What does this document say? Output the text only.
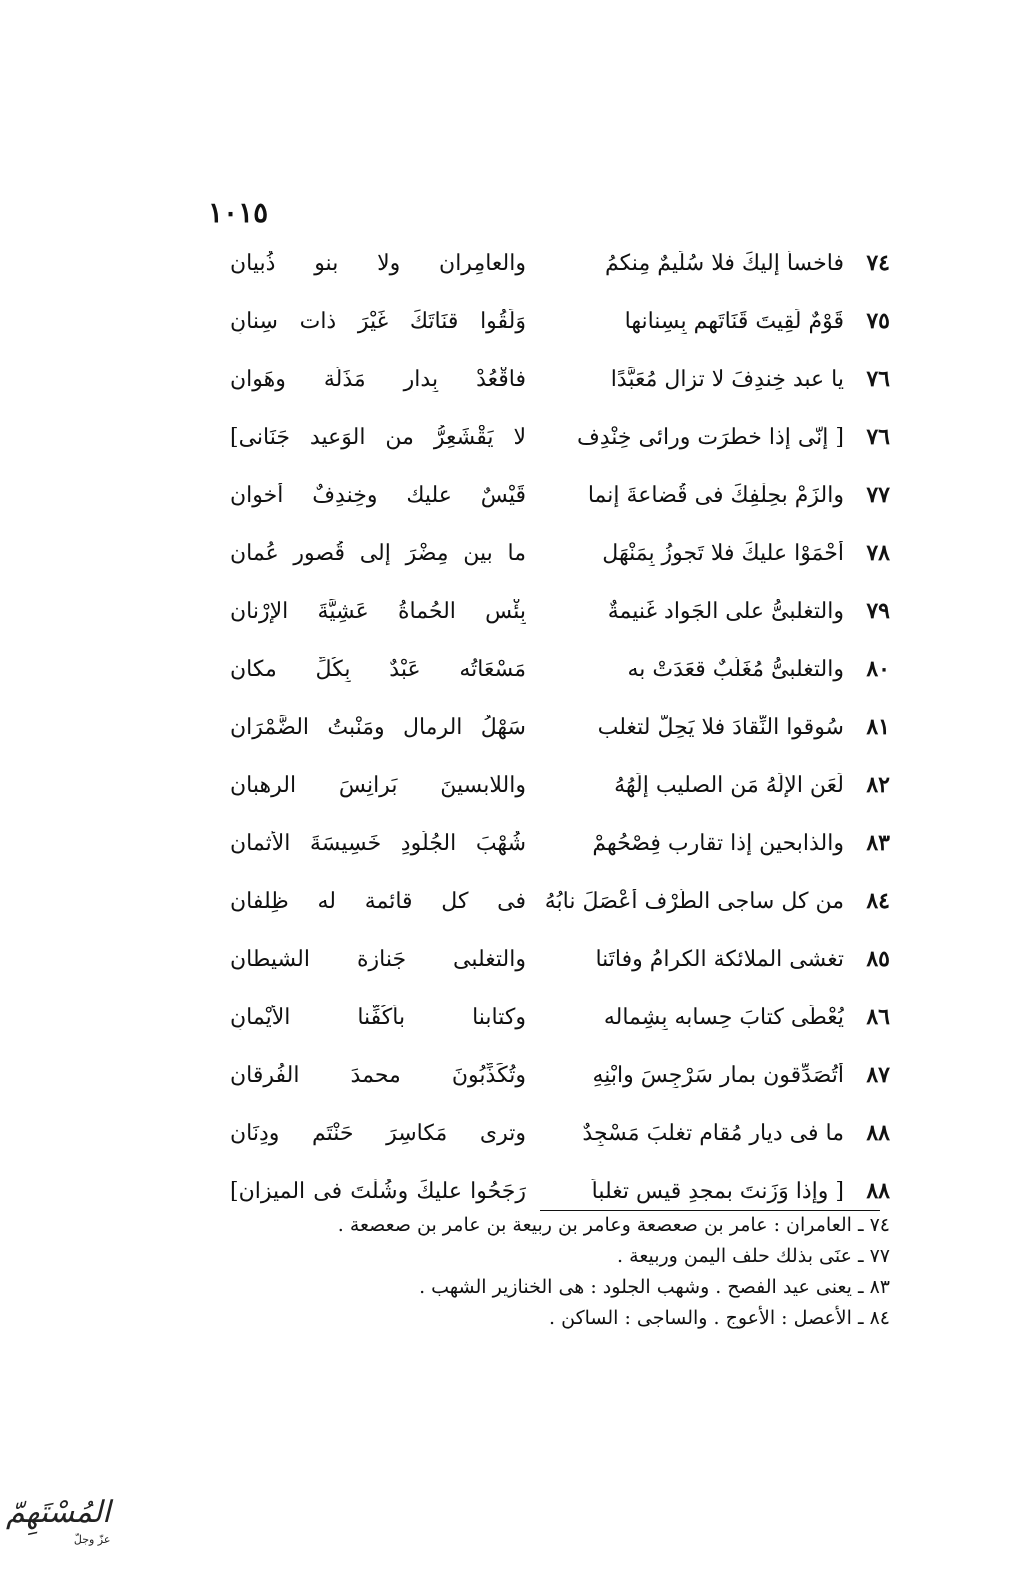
١٠١٥
٧٤
فاخسأ إليكَ فلا سُلَيمٌ مِنكمُ
والعامِران ولا بنو ذُبيان
٧٥
قَوْمٌ لَقِيتَ قَنَاتَهم بِسِنانها
وَلَقُوا قنَاتَكَ غَيْرَ ذات سِنانِ
٧٦
يا عبد خِندِفَ لا تزال مُعَبَّدًا
فاقْعُدْ بِدارِ مَذَلَّة وهَوان
٧٦
[ إنّى إذا خطرَت ورائى خِنْدِف
لا يَقْشَعِرُّ من الوَعيد جَنَانى]
٧٧
والزَمْ بحِلْفِكَ فى قُضاعةَ إنما
قَيْسٌ عليك وخِندِفٌ أخوان
٧٨
أَحْمَوْا عليكَ فلا تَجوزُ بِمَنْهَل
ما بين مِضْرَ إلى قُصور عُمان
٧٩
والتغلبىُّ على الجَواد غَنيمةٌ
بِئْس الحُماةُ عَشِيَّةَ الإرْنان
٨٠
والتغلبىُّ مُغَلَّبٌ قعَدَتْ به
مَسْعَاتُه عَبْدٌ بِكُلِّ مكان
٨١
سُوقوا النِّقادَ فلا يَحِلُّ لتغلب
سَهْلُ الرمال ومَنْبتُ الضَّمْرَان
٨٢
لَعَن الإلَهُ مَن الصليب إلَهُهُ
واللابسينَ بَرانِسَ الرهبان
٨٣
والذابحين إذا تقارب فِصْحُهمْ
شُهْبَ الجُلُودِ خَسِيسَةَ الأثمان
٨٤
من كل ساجى الطَّرْف أعْصَلَ نابُهُ
فى كل قائمة له ظِلفان
٨٥
تغشى الملائكة الكرامُ وفاتَنا
والتغلبى جَنازة الشيطان
٨٦
يُعْطَى كتابَ حِسابه بِشِماله
وكتابنا بأكُفِّنا الأيْمانِ
٨٧
أتُصَدِّقون بمارِ سَرْجِسَ وابْنِهِ
وتُكَذِّبُونَ محمدَ الفُرقان
٨٨
ما فى ديارِ مُقام تغلبَ مَسْجِدٌ
وترى مَكاسِرَ حَنْتَمٍ ودِنَان
٨٨
[ وإذا وَزَنتَ بمجدِ قيسٍ تغلباً
رَجَحُوا عليكَ وشُلْتَ فى الميزان]
٧٤ ـ العامران : عامر بن صعصعة وعامر بن ربيعة بن عامر بن صعصعة .
٧٧ ـ عنَى بذلك حلف اليمن وربيعة .
٨٣ ـ يعنى عيد الفصح . وشهب الجلود : هى الخنازير الشهب .
٨٤ ـ الأعصل : الأعوج . والساجى : الساكن .
المُسْتَهِمّ
عزّ وجلّ
